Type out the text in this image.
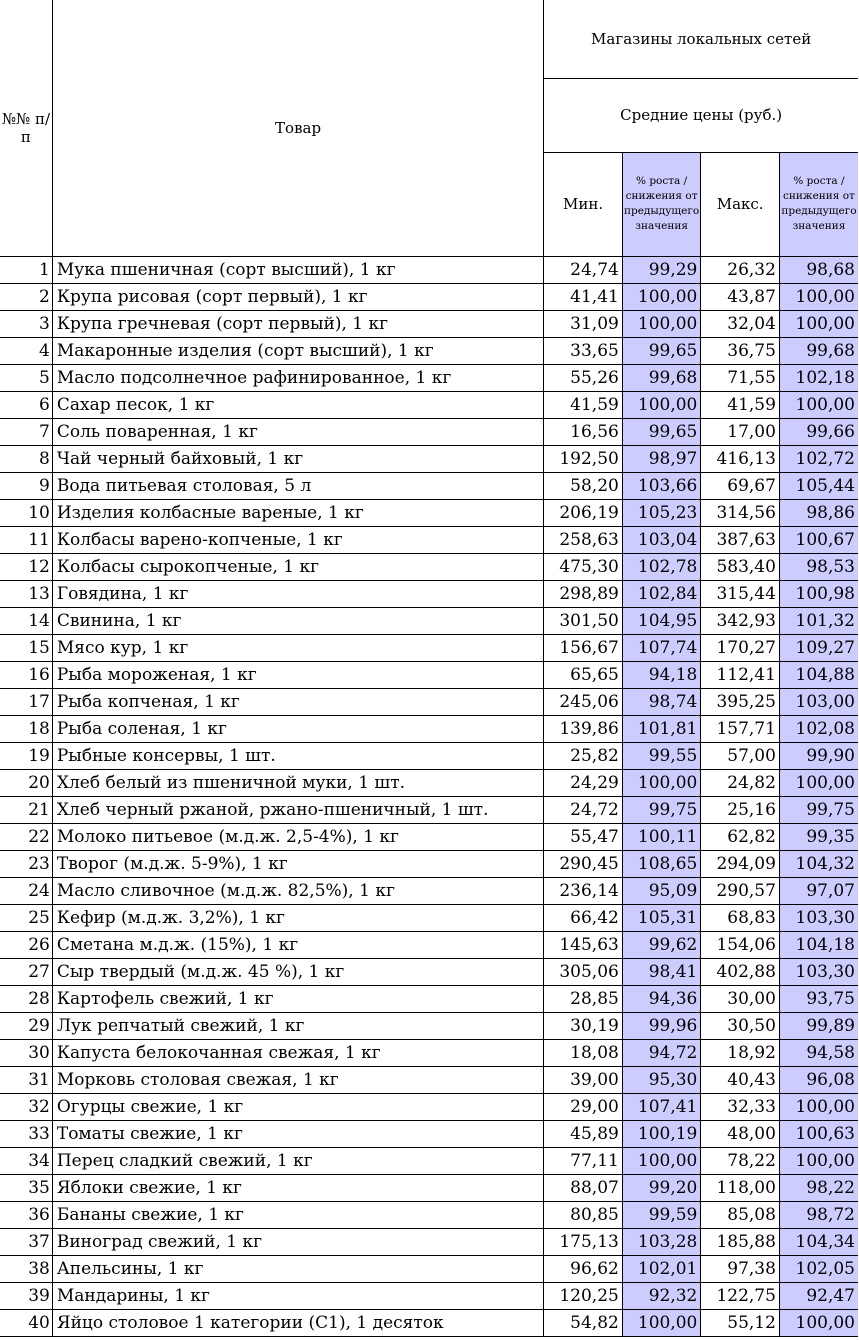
№№ п/п	Товар	Магазины локальных сетей			
		Средние цены (руб.)			
		Мин.	% роста / снижения от предыдущего значения	Макс.	% роста / снижения от предыдущего значения
1	Мука пшеничная (сорт высший), 1 кг	24,74	99,29	26,32	98,68
2	Крупа рисовая (сорт первый), 1 кг	41,41	100,00	43,87	100,00
3	Крупа гречневая (сорт первый), 1 кг	31,09	100,00	32,04	100,00
4	Макаронные изделия (сорт высший), 1 кг	33,65	99,65	36,75	99,68
5	Масло подсолнечное рафинированное, 1 кг	55,26	99,68	71,55	102,18
6	Сахар песок, 1 кг	41,59	100,00	41,59	100,00
7	Соль поваренная, 1 кг	16,56	99,65	17,00	99,66
8	Чай черный байховый, 1 кг	192,50	98,97	416,13	102,72
9	Вода питьевая столовая, 5 л	58,20	103,66	69,67	105,44
10	Изделия колбасные вареные, 1 кг	206,19	105,23	314,56	98,86
11	Колбасы варено-копченые, 1 кг	258,63	103,04	387,63	100,67
12	Колбасы сырокопченые, 1 кг	475,30	102,78	583,40	98,53
13	Говядина, 1 кг	298,89	102,84	315,44	100,98
14	Свинина, 1 кг	301,50	104,95	342,93	101,32
15	Мясо кур, 1 кг	156,67	107,74	170,27	109,27
16	Рыба мороженая, 1 кг	65,65	94,18	112,41	104,88
17	Рыба копченая, 1 кг	245,06	98,74	395,25	103,00
18	Рыба соленая, 1 кг	139,86	101,81	157,71	102,08
19	Рыбные консервы, 1 шт.	25,82	99,55	57,00	99,90
20	Хлеб белый из пшеничной муки, 1 шт.	24,29	100,00	24,82	100,00
21	Хлеб черный ржаной, ржано-пшеничный, 1 шт.	24,72	99,75	25,16	99,75
22	Молоко питьевое (м.д.ж. 2,5-4%), 1 кг	55,47	100,11	62,82	99,35
23	Творог (м.д.ж. 5-9%), 1 кг	290,45	108,65	294,09	104,32
24	Масло сливочное (м.д.ж. 82,5%), 1 кг	236,14	95,09	290,57	97,07
25	Кефир (м.д.ж. 3,2%), 1 кг	66,42	105,31	68,83	103,30
26	Сметана м.д.ж. (15%), 1 кг	145,63	99,62	154,06	104,18
27	Сыр твердый (м.д.ж. 45 %), 1 кг	305,06	98,41	402,88	103,30
28	Картофель свежий, 1 кг	28,85	94,36	30,00	93,75
29	Лук репчатый свежий, 1 кг	30,19	99,96	30,50	99,89
30	Капуста белокочанная свежая, 1 кг	18,08	94,72	18,92	94,58
31	Морковь столовая свежая, 1 кг	39,00	95,30	40,43	96,08
32	Огурцы свежие, 1 кг	29,00	107,41	32,33	100,00
33	Томаты свежие, 1 кг	45,89	100,19	48,00	100,63
34	Перец сладкий свежий, 1 кг	77,11	100,00	78,22	100,00
35	Яблоки свежие, 1 кг	88,07	99,20	118,00	98,22
36	Бананы свежие, 1 кг	80,85	99,59	85,08	98,72
37	Виноград свежий, 1 кг	175,13	103,28	185,88	104,34
38	Апельсины, 1 кг	96,62	102,01	97,38	102,05
39	Мандарины, 1 кг	120,25	92,32	122,75	92,47
40	Яйцо столовое 1 категории (С1), 1 десяток	54,82	100,00	55,12	100,00
